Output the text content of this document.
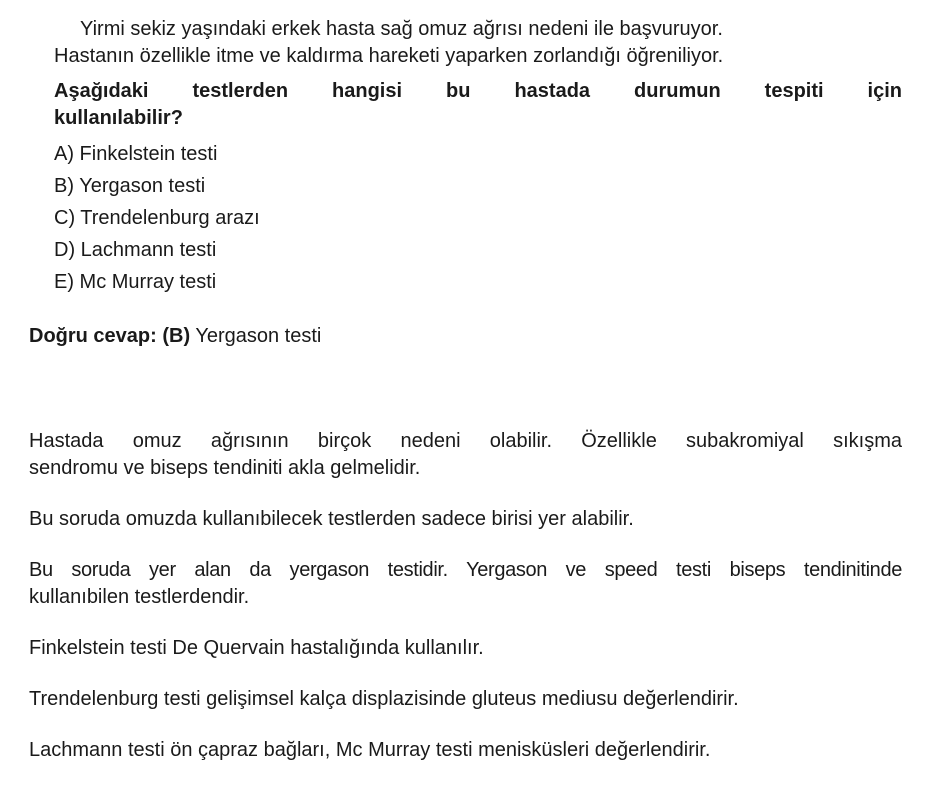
Yirmi sekiz yaşındaki erkek hasta sağ omuz ağrısı nedeni ile başvuruyor.
Hastanın özellikle itme ve kaldırma hareketi yaparken zorlandığı öğreniliyor.

Aşağıdaki testlerden hangisi bu hastada durumun tespiti için
kullanılabilir?

A) Finkelstein testi
B) Yergason testi
C) Trendelenburg arazı
D) Lachmann testi
E) Mc Murray testi

Doğru cevap: (B) Yergason testi

Hastada omuz ağrısının birçok nedeni olabilir. Özellikle subakromiyal sıkışma
sendromu ve biseps tendiniti akla gelmelidir.

Bu soruda omuzda kullanıbilecek testlerden sadece birisi yer alabilir.

Bu soruda yer alan da yergason testidir. Yergason ve speed testi biseps tendinitinde
kullanıbilen testlerdendir.

Finkelstein testi De Quervain hastalığında kullanılır.

Trendelenburg testi gelişimsel kalça displazisinde gluteus mediusu değerlendirir.

Lachmann testi ön çapraz bağları, Mc Murray testi menisküsleri değerlendirir.
